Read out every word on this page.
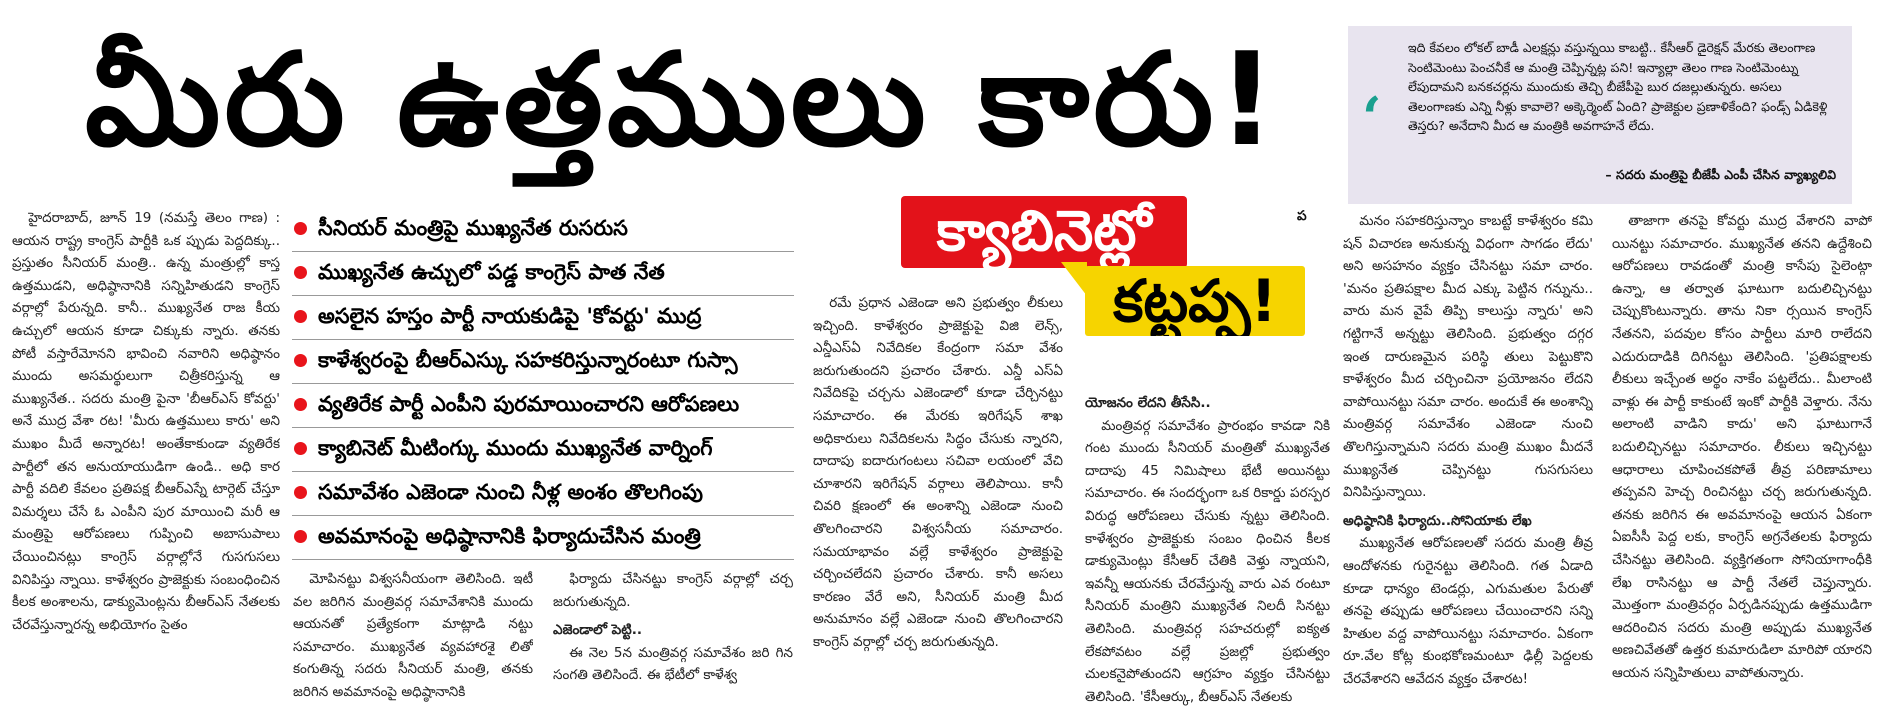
మీరు ఉత్తములు కారు!	‘
ఇది కేవలం లోకల్ బాడీ ఎలక్షన్లు వస్తున్నయి కాబట్టి.. కేసీఆర్ డైరెక్షన్ మేరకు తెలంగాణ సెంటిమెంటు పెంచనీకే ఆ మంత్రి చెప్పిన్నట్ల పని! ఇన్యాల్లా తెలం గాణ సెంటిమెంట్ను లేపుదామని బనకచర్లను ముందుకు తెచ్చి బీజేపీపై బుర దజల్లుతున్నరు. అసలు తెలంగాణకు ఎన్ని నీళ్లు కావాలె? అక్కెర్మెంట్ ఏంది? ప్రాజెక్టుల ప్రణాళికేంది? ఫండ్స్ ఏడికెళ్లి తెస్తరు? అనేదాని మీద ఆ మంత్రికి అవగాహనే లేదు.
– సదరు మంత్రిపై బీజేపీ ఎంపీ చేసిన వ్యాఖ్యలివి

హైదరాబాద్, జూన్ 19 (నమస్తే తెలం గాణ) : ఆయన రాష్ట్ర కాంగ్రెస్ పార్టీకి ఒక ప్పుడు పెద్దదిక్కు.. ప్రస్తుతం సీనియర్ మంత్రి.. ఉన్న మంత్రుల్లో కాస్త ఉత్తముడని, అధిష్ఠానానికి సన్నిహితుడని కాంగ్రెస్ వర్గాల్లో పేరున్నది. కానీ.. ముఖ్యనేత రాజ కీయ ఉచ్చులో ఆయన కూడా చిక్కుకు న్నారు. తనకు పోటీ వస్తారేమోనని భావించి నవారిని అధిష్ఠానం ముందు అసమర్థులుగా చిత్రీకరిస్తున్న ఆ ముఖ్యనేత.. సదరు మంత్రి పైనా 'బీఆర్ఎస్ కోవర్టు' అనే ముద్ర వేశా రట! 'మీరు ఉత్తములు కారు' అని ముఖం మీదే అన్నారట! అంతేకాకుండా వ్యతిరేక పార్టీలో తన అనుయాయుడిగా ఉండి.. అధి కార పార్టీ వదిలి కేవలం ప్రతిపక్ష బీఆర్ఎస్నే టార్గెట్ చేస్తూ విమర్శలు చేసే ఓ ఎంపీని పుర మాయించి మరీ ఆ మంత్రిపై ఆరోపణలు గుప్పించి అబాసుపాలు చేయించినట్లు కాంగ్రెస్ వర్గాల్లోనే గుసగుసలు వినిపిస్తు న్నాయి. కాళేశ్వరం ప్రాజెక్టుకు సంబంధించిన కీలక అంశాలను, డాక్యుమెంట్లను బీఆర్ఎస్ నేతలకు చేరవేస్తున్నారన్న అభియోగం సైతం

సీనియర్ మంత్రిపై ముఖ్యనేత రుసరుస
ముఖ్యనేత ఉచ్చులో పడ్డ కాంగ్రెస్ పాత నేత
అసలైన హస్తం పార్టీ నాయకుడిపై 'కోవర్టు' ముద్ర
కాళేశ్వరంపై బీఆర్ఎస్కు సహకరిస్తున్నారంటూ గుస్సా
వ్యతిరేక పార్టీ ఎంపీని పురమాయించారని ఆరోపణలు
క్యాబినెట్ మీటింగ్కు ముందు ముఖ్యనేత వార్నింగ్
సమావేశం ఎజెండా నుంచి నీళ్ల అంశం తొలగింపు
అవమానంపై అధిష్ఠానానికి ఫిర్యాదుచేసిన మంత్రి
క్యాబినెట్లో
కట్టప్ప!
ప

మోపినట్టు విశ్వసనీయంగా తెలిసింది. ఇటీ వల జరిగిన మంత్రివర్గ సమావేశానికి ముందు ఆయనతో ప్రత్యేకంగా మాట్లాడి నట్టు సమాచారం. ముఖ్యనేత వ్యవహారశై లితో కంగుతిన్న సదరు సీనియర్ మంత్రి, తనకు జరిగిన అవమానంపై అధిష్ఠానానికి

ఫిర్యాదు చేసినట్టు కాంగ్రెస్ వర్గాల్లో చర్చ జరుగుతున్నది.

ఎజెండాలో పెట్టి..

ఈ నెల 5న మంత్రివర్గ సమావేశం జరి గిన సంగతి తెలిసిందే. ఈ భేటీలో కాళేశ్వ

రమే ప్రధాన ఎజెండా అని ప్రభుత్వం లీకులు ఇచ్చింది. కాళేశ్వరం ప్రాజెక్టుపై విజి లెన్స్, ఎన్డీఎస్ఏ నివేదికల కేంద్రంగా సమా వేశం జరుగుతుందని ప్రచారం చేశారు. ఎన్డీ ఎస్ఏ నివేదికపై చర్చను ఎజెండాలో కూడా చేర్చినట్టు సమాచారం. ఈ మేరకు ఇరిగేషన్ శాఖ అధికారులు నివేదికలను సిద్ధం చేసుకు న్నారని, దాదాపు ఐదారుగంటలు సచివా లయంలో వేచి చూశారని ఇరిగేషన్ వర్గాలు తెలిపాయి. కానీ చివరి క్షణంలో ఈ అంశాన్ని ఎజెండా నుంచి తొలగించారని విశ్వసనీయ సమాచారం. సమయాభావం వల్లే కాళేశ్వరం ప్రాజెక్టుపై చర్చించలేదని ప్రచారం చేశారు. కానీ అసలు కారణం వేరే అని, సీనియర్ మంత్రి మీద అనుమానం వల్లే ఎజెండా నుంచి తొలగించారని కాంగ్రెస్ వర్గాల్లో చర్చ జరుగుతున్నది.

యోజనం లేదని తీసేసి..

మంత్రివర్గ సమావేశం ప్రారంభం కావడా నికి గంట ముందు సీనియర్ మంత్రితో ముఖ్యనేత దాదాపు 45 నిమిషాలు భేటీ అయినట్టు సమాచారం. ఈ సందర్భంగా ఒక రికార్డు పరస్పర విరుద్ధ ఆరోపణలు చేసుకు న్నట్టు తెలిసింది. కాళేశ్వరం ప్రాజెక్టుకు సంబం ధించిన కీలక డాక్యుమెంట్లు కేసీఆర్ చేతికి వెళ్తు న్నాయని, ఇవన్నీ ఆయనకు చేరవేస్తున్న వారు ఎవ రంటూ సీనియర్ మంత్రిని ముఖ్యనేత నిలదీ సినట్టు తెలిసింది. మంత్రివర్గ సహచరుల్లో ఐక్యత లేకపోవటం వల్లే ప్రజల్లో ప్రభుత్వం చులకనైపోతుందని ఆగ్రహం వ్యక్తం చేసినట్టు తెలిసింది. 'కేసీఆర్కు, బీఆర్ఎస్ నేతలకు

మనం సహకరిస్తున్నాం కాబట్టే కాళేశ్వరం కమి షన్ విచారణ అనుకున్న విధంగా సాగడం లేదు' అని అసహనం వ్యక్తం చేసినట్టు సమా చారం. 'మనం ప్రతిపక్షాల మీద ఎక్కు పెట్టిన గన్నును.. వారు మన వైపే తిప్పి కాలుస్తు న్నారు' అని గట్టిగానే అన్నట్టు తెలిసింది. ప్రభుత్వం దగ్గర ఇంత దారుణమైన పరిస్థి తులు పెట్టుకొని కాళేశ్వరం మీద చర్చించినా ప్రయోజనం లేదని వాపోయినట్టు సమా చారం. అందుకే ఈ అంశాన్ని మంత్రివర్గ సమావేశం ఎజెండా నుంచి తొలగిస్తున్నామని సదరు మంత్రి ముఖం మీదనే ముఖ్యనేత చెప్పినట్టు గుసగుసలు వినిపిస్తున్నాయి.

అధిష్ఠానికి ఫిర్యాదు..సోనియాకు లేఖ

ముఖ్యనేత ఆరోపణలతో సదరు మంత్రి తీవ్ర ఆందోళనకు గురైనట్టు తెలిసింది. గత ఏడాది కూడా ధాన్యం టెండర్లు, ఎగుమతుల పేరుతో తనపై తప్పుడు ఆరోపణలు చేయించారని సన్ని హితుల వద్ద వాపోయినట్టు సమాచారం. ఏకంగా రూ.వేల కోట్ల కుంభకోణమంటూ ఢిల్లీ పెద్దలకు చేరవేశారని ఆవేదన వ్యక్తం చేశారట!

తాజాగా తనపై కోవర్టు ముద్ర వేశారని వాపో యినట్టు సమాచారం. ముఖ్యనేత తనని ఉద్దేశించి ఆరోపణలు రావడంతో మంత్రి కాసేపు సైలెంట్గా ఉన్నా, ఆ తర్వాత ఘాటుగా బదులిచ్చినట్టు చెప్పుకొంటున్నారు. తాను నికా ర్సయిన కాంగ్రెస్ నేతనని, పదవుల కోసం పార్టీలు మారి రాలేదని ఎదురుదాడికి దిగినట్టు తెలిసింది. 'ప్రతిపక్షాలకు లీకులు ఇచ్చేంత అర్థం నాకేం పట్టలేదు.. మీలాంటి వాళ్లు ఈ పార్టీ కాకుంటే ఇంకో పార్టీకి వెళ్తారు. నేను అలాంటి వాడిని కాదు' అని ఘాటుగానే బదులిచ్చినట్టు సమాచారం. లీకులు ఇచ్చినట్టు ఆధారాలు చూపించకపోతే తీవ్ర పరిణామాలు తప్పవని హెచ్చ రించినట్టు చర్చ జరుగుతున్నది. తనకు జరిగిన ఈ అవమానంపై ఆయన ఏకంగా ఏఐసీసీ పెద్ద లకు, కాంగ్రెస్ అగ్రనేతలకు ఫిర్యాదు చేసినట్టు తెలిసింది. వ్యక్తిగతంగా సోనియాగాంధీకి లేఖ రాసినట్టు ఆ పార్టీ నేతలే చెప్తున్నారు. మొత్తంగా మంత్రివర్గం ఏర్పడినప్పుడు ఉత్తముడిగా ఆదరించిన సదరు మంత్రి అప్పుడు ముఖ్యనేత అణచివేతతో ఉత్తర కుమారుడిలా మారిపో యారని ఆయన సన్నిహితులు వాపోతున్నారు.
